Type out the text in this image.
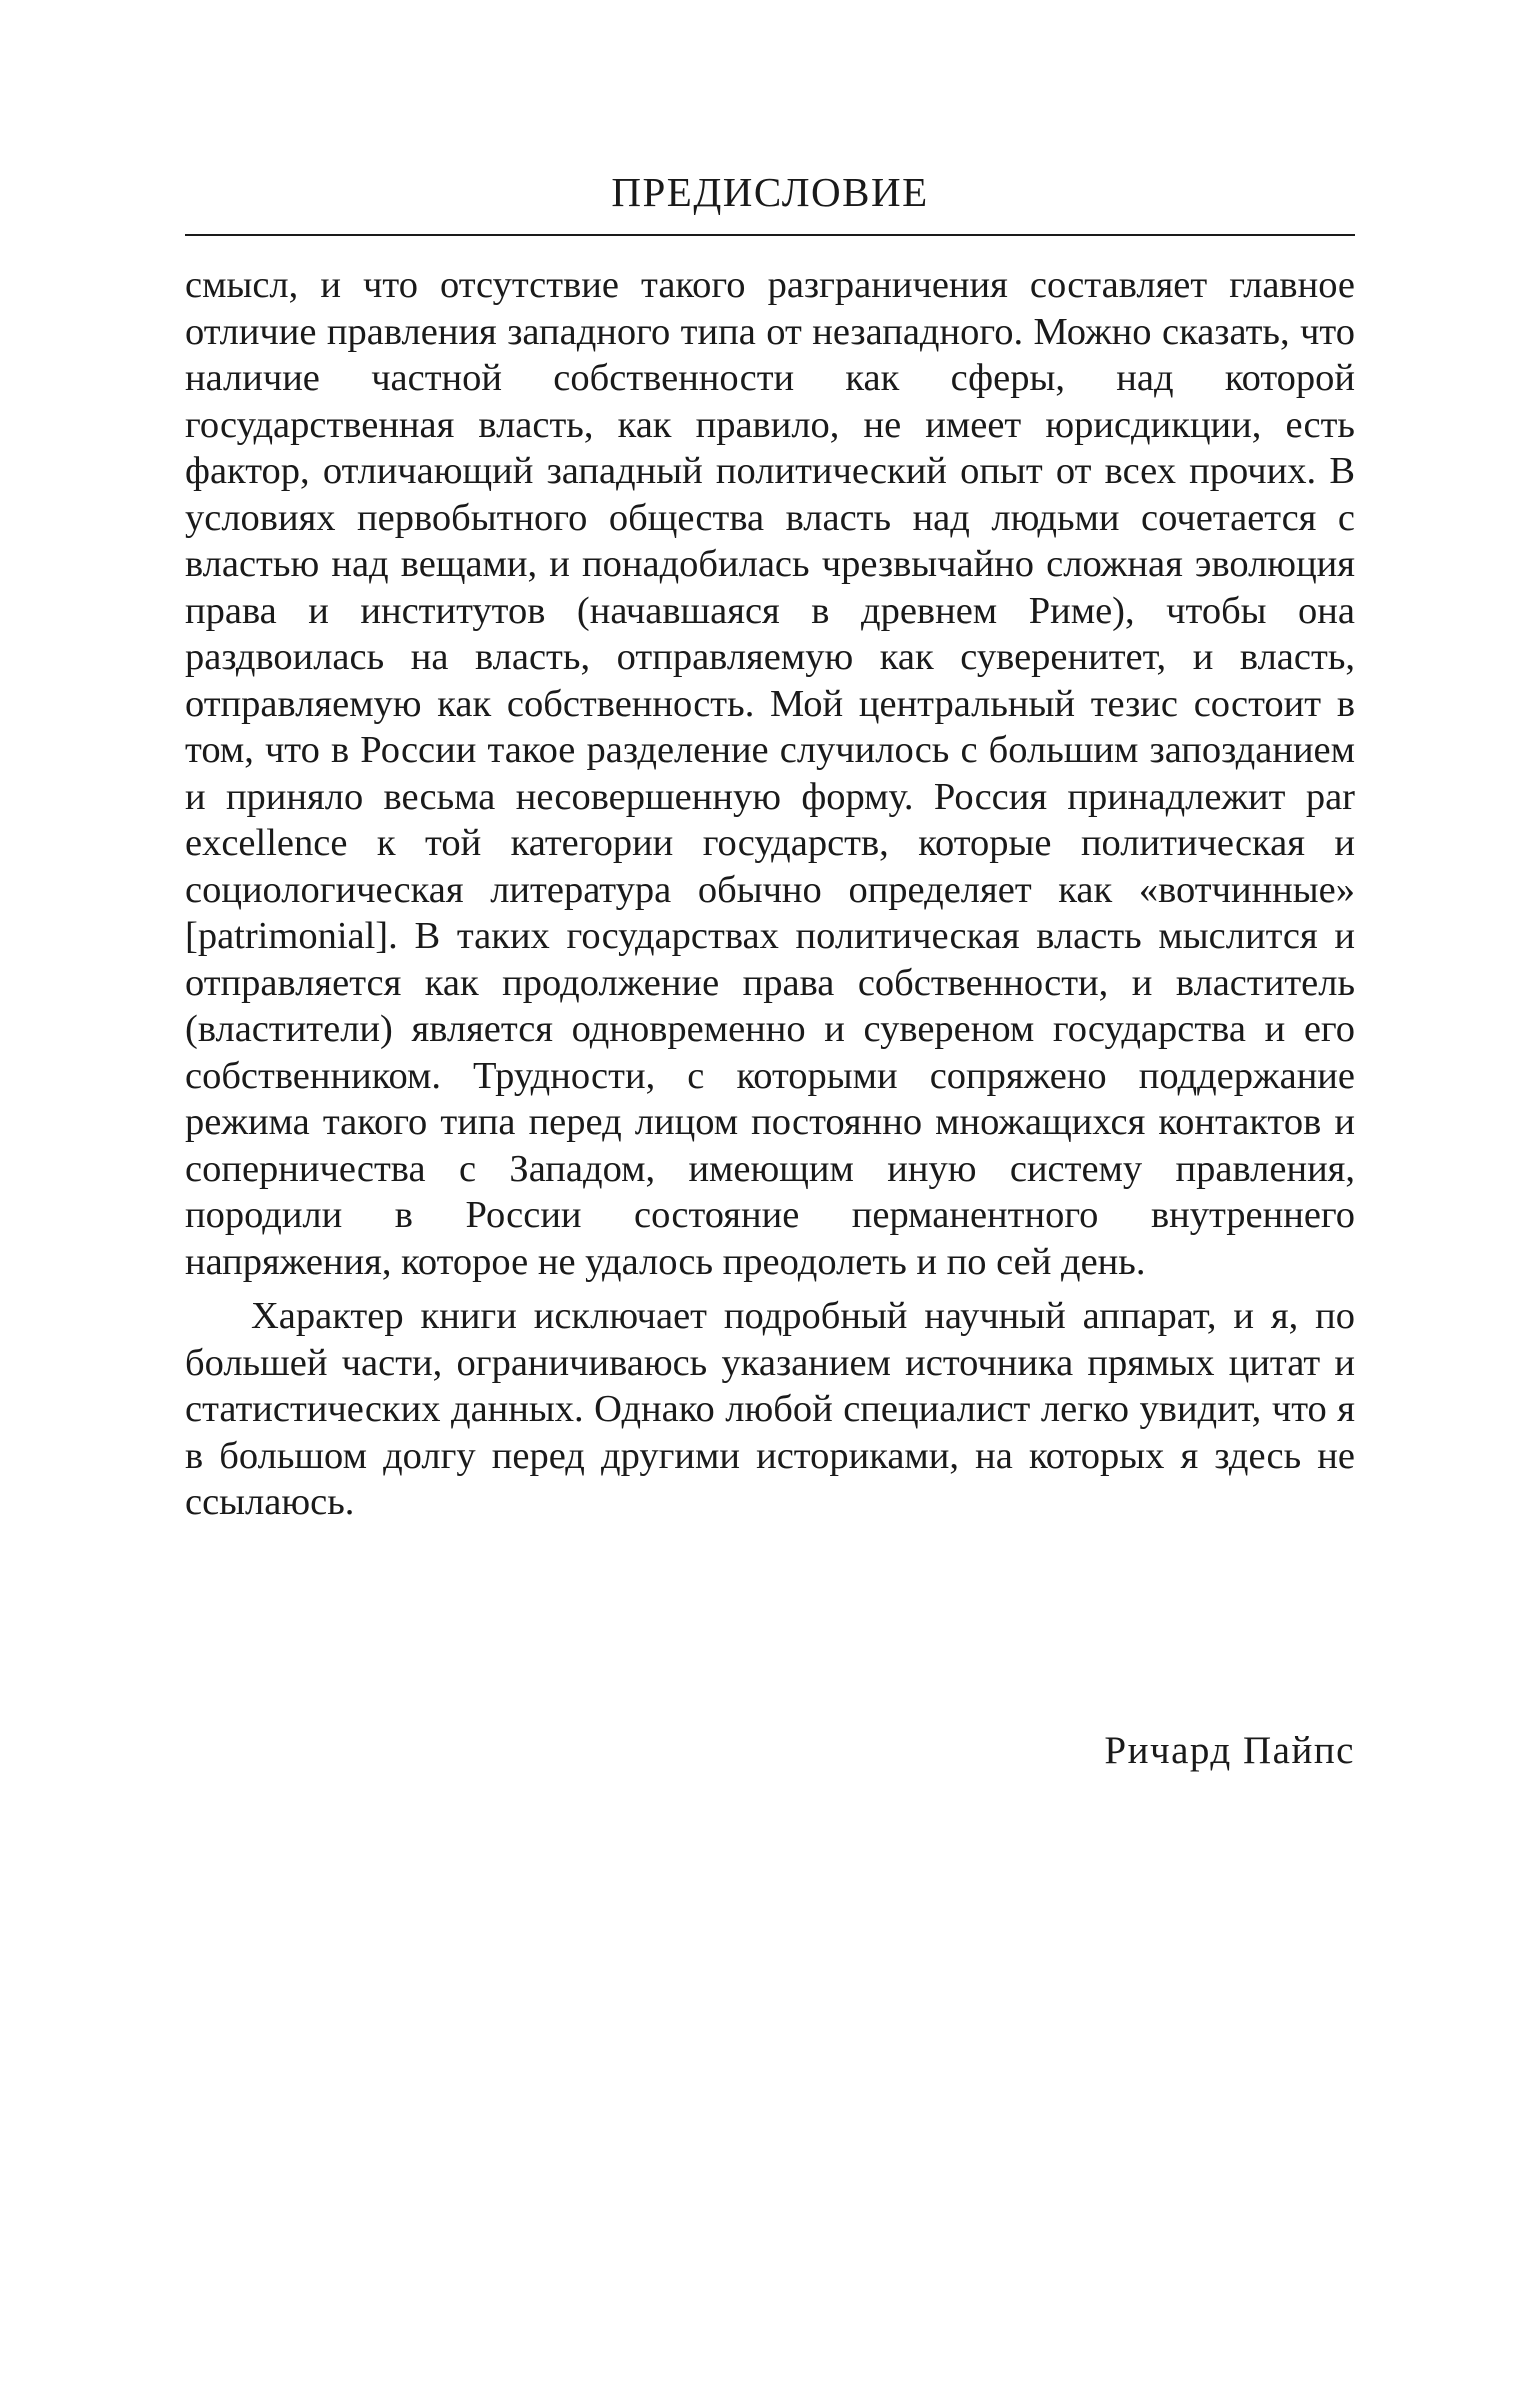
ПРЕДИСЛОВИЕ

смысл, и что отсутствие такого разграничения составляет главное отличие правления западного типа от незападного. Можно сказать, что наличие частной собственности как сферы, над которой государственная власть, как правило, не имеет юрисдикции, есть фактор, отличающий западный политический опыт от всех прочих. В условиях первобытного общества власть над людьми сочетается с властью над вещами, и понадобилась чрезвычайно сложная эволюция права и институтов (начавшаяся в древнем Риме), чтобы она раздвоилась на власть, отправляемую как суверенитет, и власть, отправляемую как собственность. Мой центральный тезис состоит в том, что в России такое разделение случилось с большим запозданием и приняло весьма несовершенную форму. Россия принадлежит par excellence к той категории государств, которые политическая и социологическая литература обычно определяет как «вотчинные» [patrimonial]. В таких государствах политическая власть мыслится и отправляется как продолжение права собственности, и властитель (властители) является одновременно и сувереном государства и его собственником. Трудности, с которыми сопряжено поддержание режима такого типа перед лицом постоянно множащихся контактов и соперничества с Западом, имеющим иную систему правления, породили в России состояние перманентного внутреннего напряжения, которое не удалось преодолеть и по сей день.

Характер книги исключает подробный научный аппарат, и я, по большей части, ограничиваюсь указанием источника прямых цитат и статистических данных. Однако любой специалист легко увидит, что я в большом долгу перед другими историками, на которых я здесь не ссылаюсь.

Ричард Пайпс
